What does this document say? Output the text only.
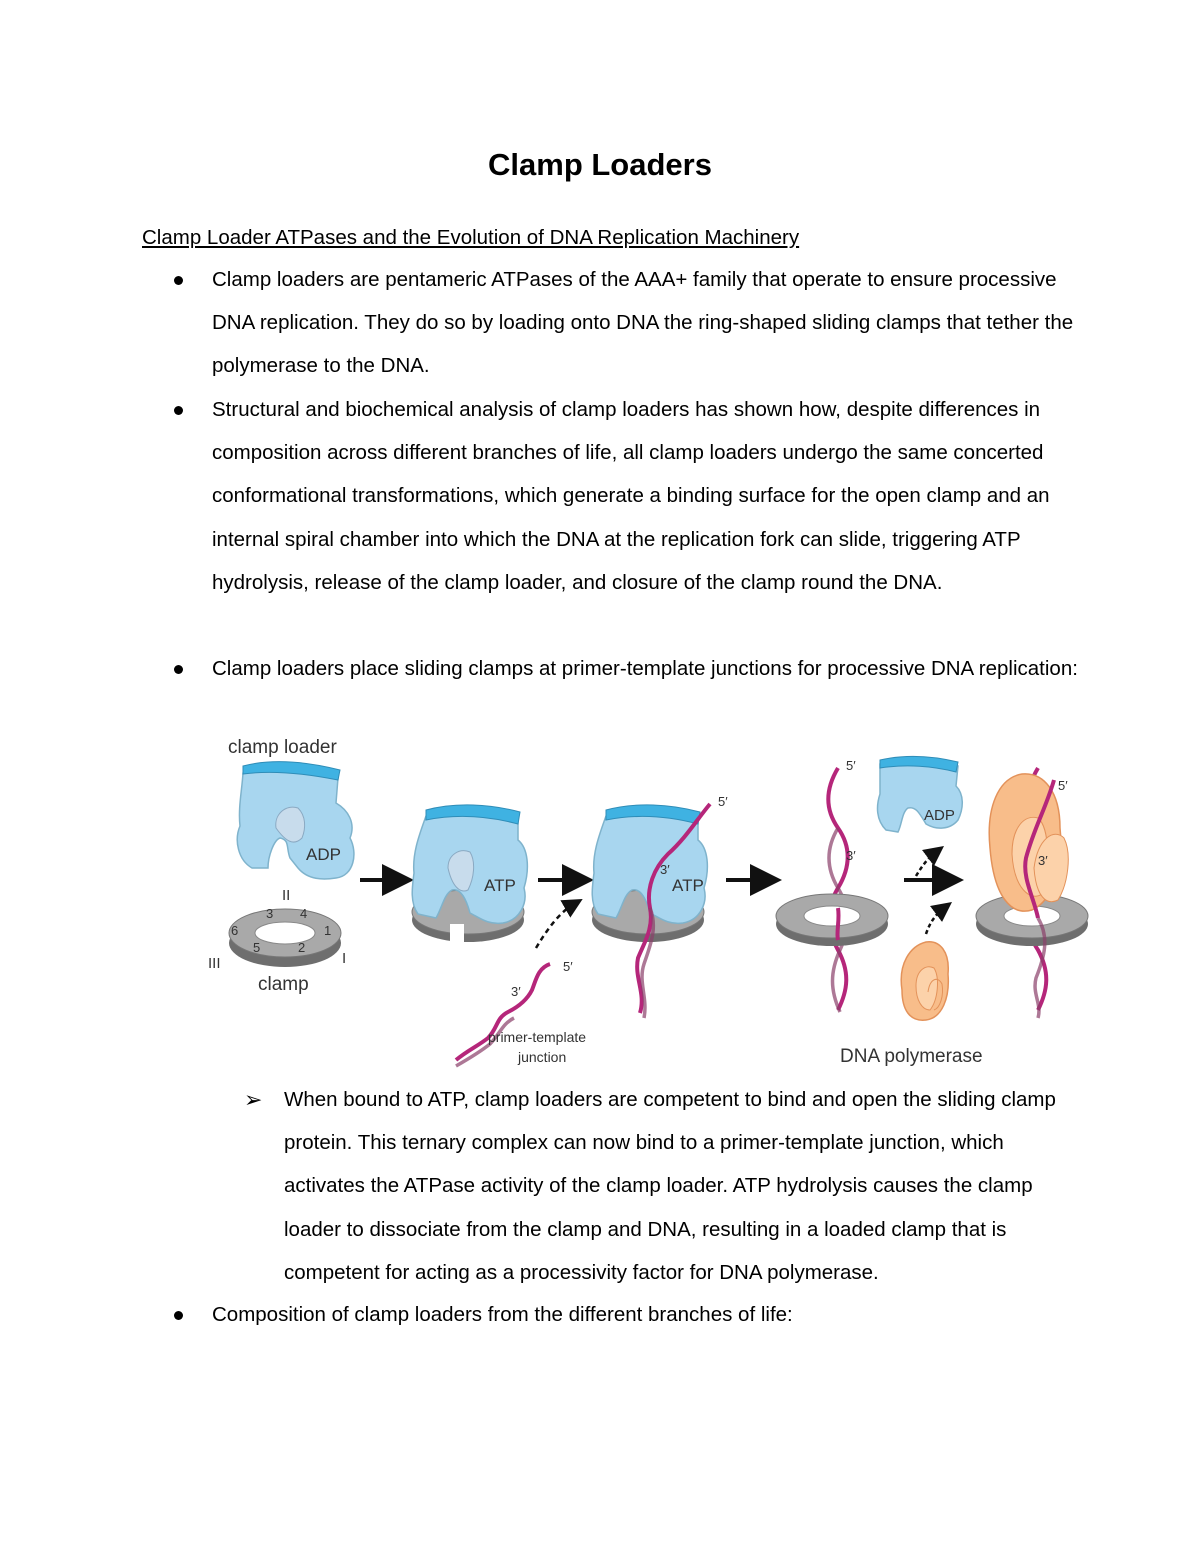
Clamp Loaders

Clamp Loader ATPases and the Evolution of DNA Replication Machinery

Clamp loaders are pentameric ATPases of the AAA+ family that operate to ensure processive DNA replication. They do so by loading onto DNA the ring-shaped sliding clamps that tether the polymerase to the DNA.

Structural and biochemical analysis of clamp loaders has shown how, despite differences in composition across different branches of life, all clamp loaders undergo the same concerted conformational transformations, which generate a binding surface for the open clamp and an internal spiral chamber into which the DNA at the replication fork can slide, triggering ATP hydrolysis, release of the clamp loader, and closure of the clamp round the DNA.

Clamp loaders place sliding clamps at primer-template junctions for processive DNA replication:

clamp loader
ADP
II
3 4
1
2
5
6
III	I
clamp
ATP
5′
3′
primer-template
junction
5′
3′
ATP
5′
3′
ADP
DNA polymerase
5′
3′
➢ When bound to ATP, clamp loaders are competent to bind and open the sliding clamp protein. This ternary complex can now bind to a primer-template junction, which activates the ATPase activity of the clamp loader. ATP hydrolysis causes the clamp loader to dissociate from the clamp and DNA, resulting in a loaded clamp that is competent for acting as a processivity factor for DNA polymerase.

Composition of clamp loaders from the different branches of life:
